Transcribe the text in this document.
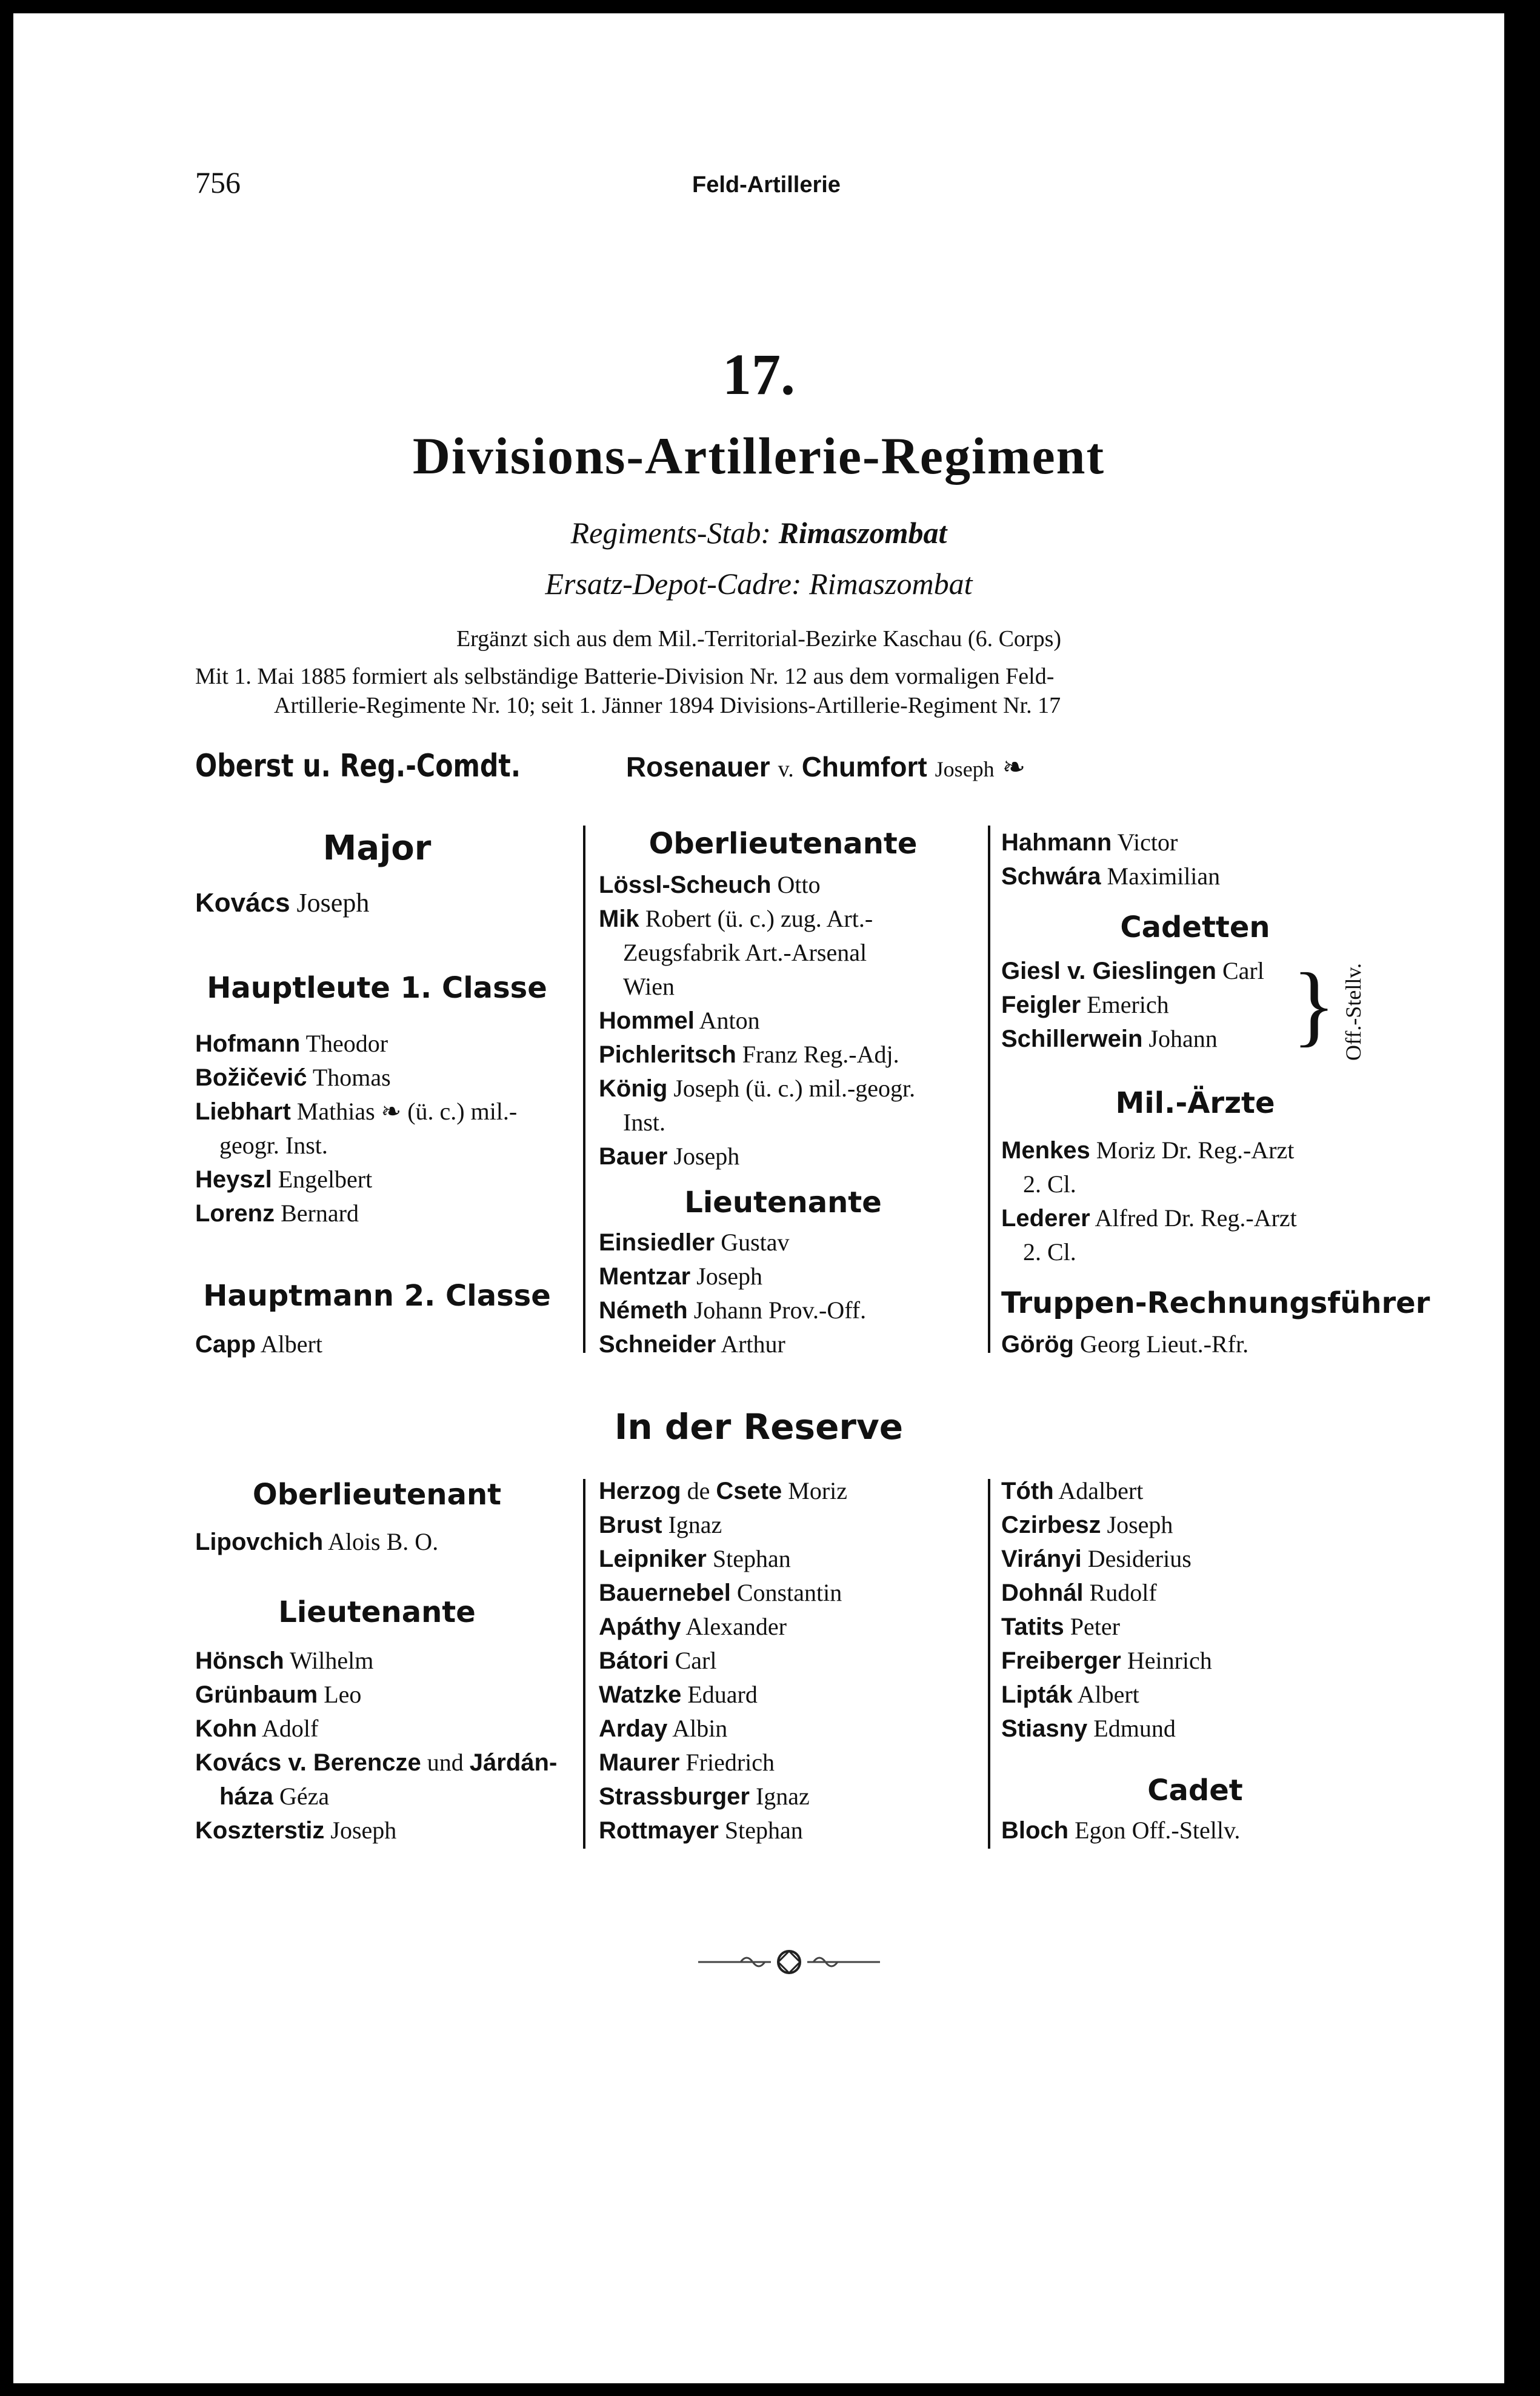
756	Feld-Artillerie
17.
Divisions-Artillerie-Regiment
Regiments-Stab: Rimaszombat
Ersatz-Depot-Cadre: Rimaszombat
Ergänzt sich aus dem Mil.-Territorial-Bezirke Kaschau (6. Corps)
Mit 1. Mai 1885 formiert als selbständige Batterie-Division Nr. 12 aus dem vormaligen Feld-
Artillerie-Regimente Nr. 10; seit 1. Jänner 1894 Divisions-Artillerie-Regiment Nr. 17
Oberst u. Reg.-Comdt.	Rosenauer v. Chumfort Joseph ❧
Major
Kovács Joseph
Hauptleute 1. Classe
Hofmann Theodor
Božičević Thomas
Liebhart Mathias ❧ (ü. c.) mil.-
geogr. Inst.
Heyszl Engelbert
Lorenz Bernard
Hauptmann 2. Classe
Capp Albert
Oberlieutenante
Lössl-Scheuch Otto
Mik Robert (ü. c.) zug. Art.-
Zeugsfabrik Art.-Arsenal
Wien
Hommel Anton
Pichleritsch Franz Reg.-Adj.
König Joseph (ü. c.) mil.-geogr.
Inst.
Bauer Joseph
Lieutenante
Einsiedler Gustav
Mentzar Joseph
Németh Johann Prov.-Off.
Schneider Arthur
Hahmann Victor
Schwára Maximilian
Cadetten
Giesl v. Gieslingen Carl
Feigler Emerich
Schillerwein Johann } Off.-Stellv.
Mil.-Ärzte
Menkes Moriz Dr. Reg.-Arzt
2. Cl.
Lederer Alfred Dr. Reg.-Arzt
2. Cl.
Truppen-Rechnungsführer
Görög Georg Lieut.-Rfr.
In der Reserve
Oberlieutenant
Lipovchich Alois B. O.
Lieutenante
Hönsch Wilhelm
Grünbaum Leo
Kohn Adolf
Kovács v. Berencze und Járdán-
háza Géza
Koszterstiz Joseph
Herzog de Csete Moriz
Brust Ignaz
Leipniker Stephan
Bauernebel Constantin
Apáthy Alexander
Bátori Carl
Watzke Eduard
Arday Albin
Maurer Friedrich
Strassburger Ignaz
Rottmayer Stephan
Tóth Adalbert
Czirbesz Joseph
Virányi Desiderius
Dohnál Rudolf
Tatits Peter
Freiberger Heinrich
Lipták Albert
Stiasny Edmund
Cadet
Bloch Egon Off.-Stellv.
